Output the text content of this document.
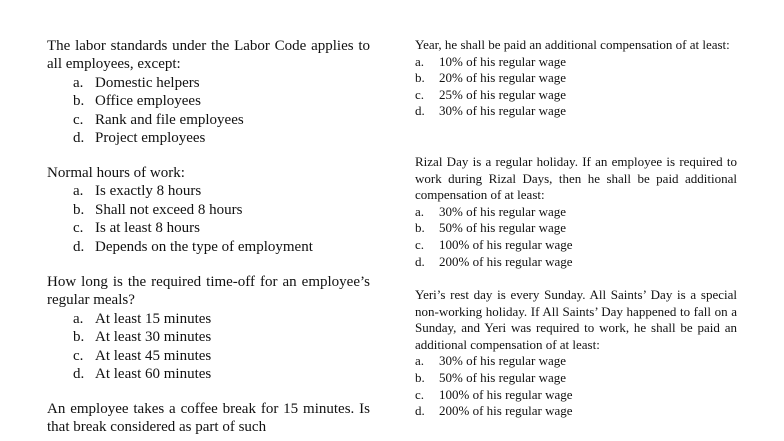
The labor standards under the Labor Code applies to all employees, except:
a. Domestic helpers
b. Office employees
c. Rank and file employees
d. Project employees
Normal hours of work:
a. Is exactly 8 hours
b. Shall not exceed 8 hours
c. Is at least 8 hours
d. Depends on the type of employment
How long is the required time-off for an employee’s regular meals?
a. At least 15 minutes
b. At least 30 minutes
c. At least 45 minutes
d. At least 60 minutes
An employee takes a coffee break for 15 minutes. Is that break considered as part of such
Year, he shall be paid an additional compensation of at least:
a. 10% of his regular wage
b. 20% of his regular wage
c. 25% of his regular wage
d. 30% of his regular wage
Rizal Day is a regular holiday. If an employee is required to work during Rizal Days, then he shall be paid additional compensation of at least:
a. 30% of his regular wage
b. 50% of his regular wage
c. 100% of his regular wage
d. 200% of his regular wage
Yeri’s rest day is every Sunday. All Saints’ Day is a special non-working holiday. If All Saints’ Day happened to fall on a Sunday, and Yeri was required to work, he shall be paid an additional compensation of at least:
a. 30% of his regular wage
b. 50% of his regular wage
c. 100% of his regular wage
d. 200% of his regular wage
